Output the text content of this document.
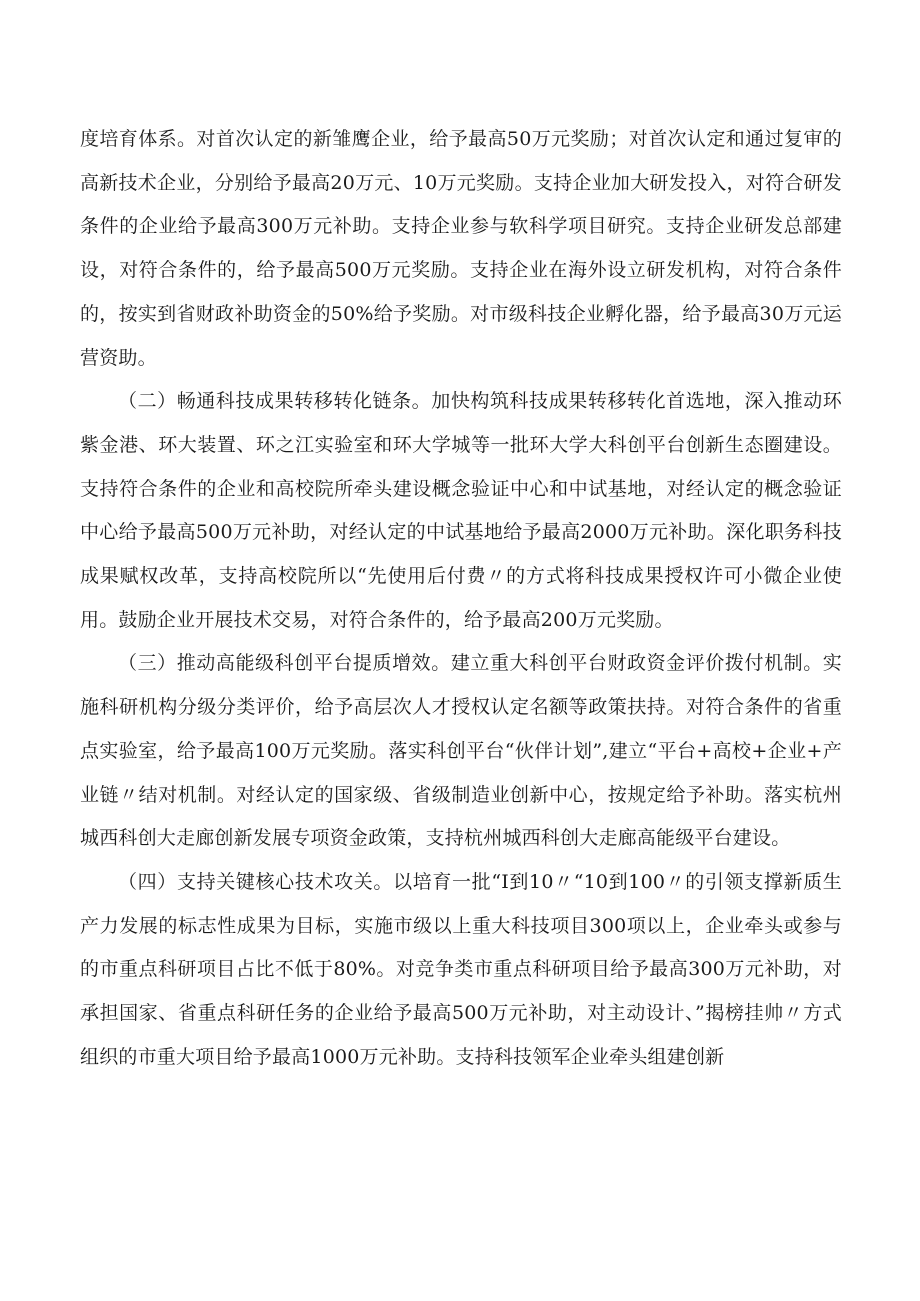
度培育体系。对首次认定的新雏鹰企业，给予最高50万元奖励；对首次认定和通过复审的高新技术企业，分别给予最高20万元、10万元奖励。支持企业加大研发投入，对符合研发条件的企业给予最高300万元补助。支持企业参与软科学项目研究。支持企业研发总部建设，对符合条件的，给予最高500万元奖励。支持企业在海外设立研发机构，对符合条件的，按实到省财政补助资金的50%给予奖励。对市级科技企业孵化器，给予最高30万元运营资助。

（二）畅通科技成果转移转化链条。加快构筑科技成果转移转化首选地，深入推动环紫金港、环大装置、环之江实验室和环大学城等一批环大学大科创平台创新生态圈建设。支持符合条件的企业和高校院所牵头建设概念验证中心和中试基地，对经认定的概念验证中心给予最高500万元补助，对经认定的中试基地给予最高2000万元补助。深化职务科技成果赋权改革，支持高校院所以“先使用后付费〃的方式将科技成果授权许可小微企业使用。鼓励企业开展技术交易，对符合条件的，给予最高200万元奖励。

（三）推动高能级科创平台提质增效。建立重大科创平台财政资金评价拨付机制。实施科研机构分级分类评价，给予高层次人才授权认定名额等政策扶持。对符合条件的省重点实验室，给予最高100万元奖励。落实科创平台“伙伴计划”,建立“平台+高校+企业+产业链〃结对机制。对经认定的国家级、省级制造业创新中心，按规定给予补助。落实杭州城西科创大走廊创新发展专项资金政策，支持杭州城西科创大走廊高能级平台建设。

（四）支持关键核心技术攻关。以培育一批“I到10〃“10到100〃的引领支撑新质生产力发展的标志性成果为目标，实施市级以上重大科技项目300项以上，企业牵头或参与的市重点科研项目占比不低于80%。对竞争类市重点科研项目给予最高300万元补助，对承担国家、省重点科研任务的企业给予最高500万元补助，对主动设计、”揭榜挂帅〃方式组织的市重大项目给予最高1000万元补助。支持科技领军企业牵头组建创新
